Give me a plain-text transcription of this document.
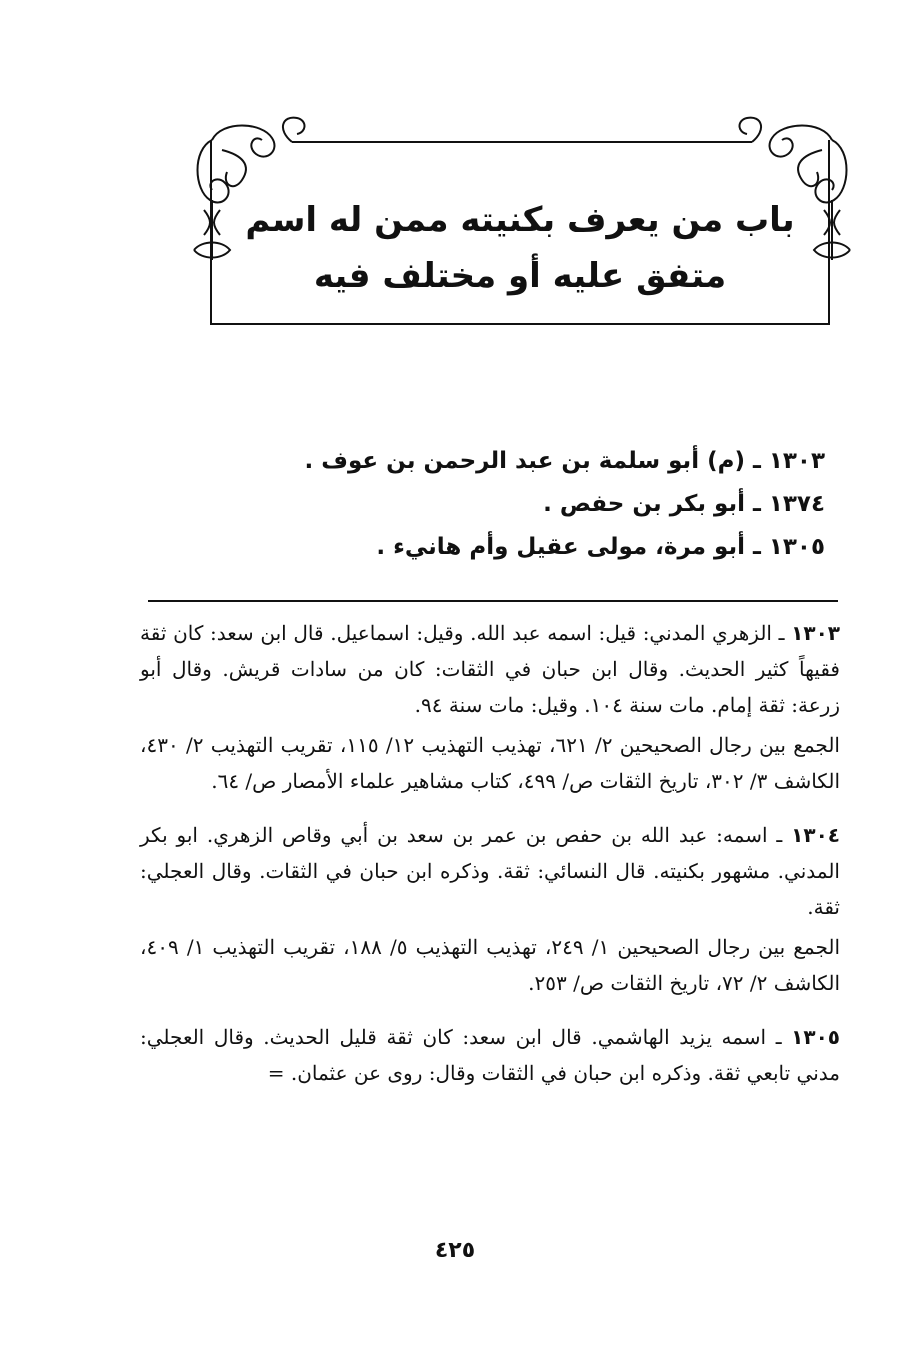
باب من يعرف بكنيته ممن له اسم
متفق عليه أو مختلف فيه
١٣٠٣ ـ (م) أبو سلمة بن عبد الرحمن بن عوف .
١٣٧٤ ـ أبو بكر بن حفص .
١٣٠٥ ـ أبو مرة، مولى عقيل وأم هانيء .

١٣٠٣ ـ الزهري المدني: قيل: اسمه عبد الله. وقيل: اسماعيل. قال ابن سعد: كان ثقة فقيهاً كثير الحديث. وقال ابن حبان في الثقات: كان من سادات قريش. وقال أبو زرعة: ثقة إمام. مات سنة ١٠٤. وقيل: مات سنة ٩٤.

الجمع بين رجال الصحيحين ٢/ ٦٢١، تهذيب التهذيب ١٢/ ١١٥، تقريب التهذيب ٢/ ٤٣٠، الكاشف ٣/ ٣٠٢، تاريخ الثقات ص/ ٤٩٩، كتاب مشاهير علماء الأمصار ص/ ٦٤.

١٣٠٤ ـ اسمه: عبد الله بن حفص بن عمر بن سعد بن أبي وقاص الزهري. ابو بكر المدني. مشهور بكنيته. قال النسائي: ثقة. وذكره ابن حبان في الثقات. وقال العجلي: ثقة.

الجمع بين رجال الصحيحين ١/ ٢٤٩، تهذيب التهذيب ٥/ ١٨٨، تقريب التهذيب ١/ ٤٠٩، الكاشف ٢/ ٧٢، تاريخ الثقات ص/ ٢٥٣.

١٣٠٥ ـ اسمه يزيد الهاشمي. قال ابن سعد: كان ثقة قليل الحديث. وقال العجلي: مدني تابعي ثقة. وذكره ابن حبان في الثقات وقال: روى عن عثمان. =

٤٢٥
